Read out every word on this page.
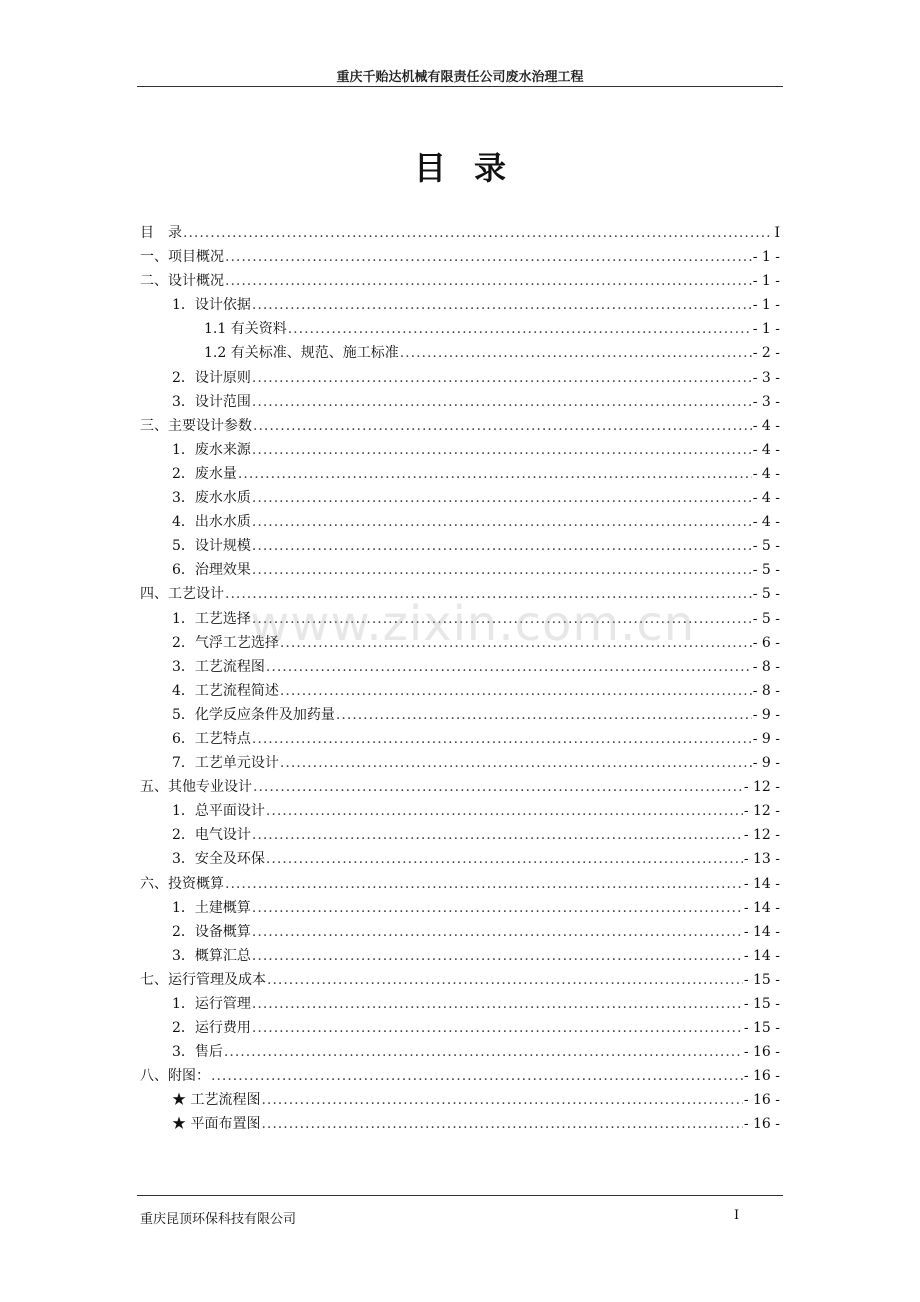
重庆千贻达机械有限责任公司废水治理工程
目录
目　录 .....	I
一、项目概况 .....	- 1 -
二、设计概况 .....	- 1 -
1．设计依据 .....	- 1 -
1.1 有关资料 .....	- 1 -
1.2 有关标准、规范、施工标准 .....	- 2 -
2．设计原则 .....	- 3 -
3．设计范围 .....	- 3 -
三、主要设计参数 .....	- 4 -
1．废水来源 .....	- 4 -
2．废水量 .....	- 4 -
3．废水水质 .....	- 4 -
4．出水水质 .....	- 4 -
5．设计规模 .....	- 5 -
6．治理效果 .....	- 5 -
四、工艺设计 .....	- 5 -
1．工艺选择 .....	- 5 -
2．气浮工艺选择 .....	- 6 -
3．工艺流程图 .....	- 8 -
4．工艺流程简述 .....	- 8 -
5．化学反应条件及加药量 .....	- 9 -
6．工艺特点 .....	- 9 -
7．工艺单元设计 .....	- 9 -
五、其他专业设计 .....	- 12 -
1．总平面设计 .....	- 12 -
2．电气设计 .....	- 12 -
3．安全及环保 .....	- 13 -
六、投资概算 .....	- 14 -
1．土建概算 .....	- 14 -
2．设备概算 .....	- 14 -
3．概算汇总 .....	- 14 -
七、运行管理及成本 .....	- 15 -
1．运行管理 .....	- 15 -
2．运行费用 .....	- 15 -
3．售后 .....	- 16 -
八、附图： .....	- 16 -
★ 工艺流程图 .....	- 16 -
★ 平面布置图 .....	- 16 -
www.zixin.com.cn
重庆昆顶环保科技有限公司	I
